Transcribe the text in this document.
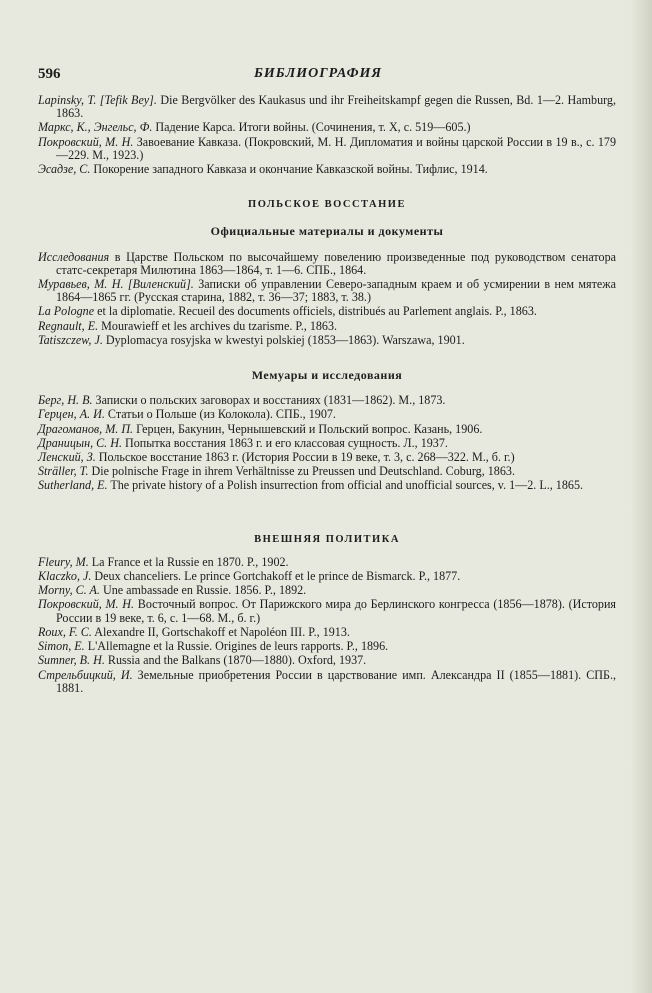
596	БИБЛИОГРАФИЯ

Lapinsky, T. [Tefik Bey]. Die Bergvölker des Kaukasus und ihr Freiheitskampf gegen die Russen, Bd. 1—2. Hamburg, 1863.

Маркс, К., Энгельс, Ф. Падение Карса. Итоги войны. (Сочинения, т. X, с. 519—605.)

Покровский, М. Н. Завоевание Кавказа. (Покровский, М. Н. Дипломатия и войны царской России в 19 в., с. 179—229. М., 1923.)

Эсадзе, С. Покорение западного Кавказа и окончание Кавказской войны. Тифлис, 1914.

ПОЛЬСКОЕ ВОССТАНИЕ
Официальные материалы и документы

Исследования в Царстве Польском по высочайшему повелению произведенные под руководством сенатора статс-секретаря Милютина 1863—1864, т. 1—6. СПБ., 1864.

Муравьев, М. Н. [Виленский]. Записки об управлении Северо-западным краем и об усмирении в нем мятежа 1864—1865 гг. (Русская старина, 1882, т. 36—37; 1883, т. 38.)

La Pologne et la diplomatie. Recueil des documents officiels, distribués au Parlement anglais. P., 1863.

Regnault, E. Mourawieff et les archives du tzarisme. P., 1863.

Tatiszczew, J. Dyplomacya rosyjska w kwestyi polskiej (1853—1863). Warszawa, 1901.

Мемуары и исследования

Берг, Н. В. Записки о польских заговорах и восстаниях (1831—1862). М., 1873.

Герцен, А. И. Статьи о Польше (из Колокола). СПБ., 1907.

Драгоманов, М. П. Герцен, Бакунин, Чернышевский и Польский вопрос. Казань, 1906.

Драницын, С. Н. Попытка восстания 1863 г. и его классовая сущность. Л., 1937.

Ленский, З. Польское восстание 1863 г. (История России в 19 веке, т. 3, с. 268—322. М., б. г.)

Sträller, T. Die polnische Frage in ihrem Verhältnisse zu Preussen und Deutschland. Coburg, 1863.

Sutherland, E. The private history of a Polish insurrection from official and unofficial sources, v. 1—2. L., 1865.

ВНЕШНЯЯ ПОЛИТИКА

Fleury, M. La France et la Russie en 1870. P., 1902.

Klaczko, J. Deux chanceliers. Le prince Gortchakoff et le prince de Bismarck. P., 1877.

Morny, C. A. Une ambassade en Russie. 1856. P., 1892.

Покровский, М. Н. Восточный вопрос. От Парижского мира до Берлинского конгресса (1856—1878). (История России в 19 веке, т. 6, с. 1—68. М., б. г.)

Roux, F. C. Alexandre II, Gortschakoff et Napoléon III. P., 1913.

Simon, E. L'Allemagne et la Russie. Origines de leurs rapports. P., 1896.

Sumner, B. H. Russia and the Balkans (1870—1880). Oxford, 1937.

Стрельбицкий, И. Земельные приобретения России в царствование имп. Александра II (1855—1881). СПБ., 1881.
